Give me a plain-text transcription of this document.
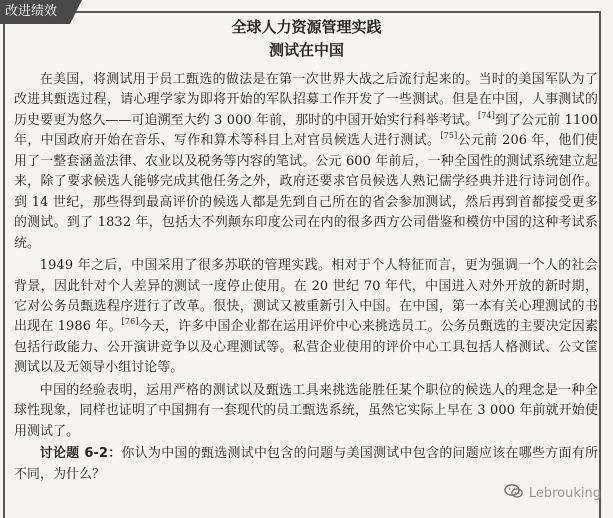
改进绩效
全球人力资源管理实践
测试在中国

在美国，将测试用于员工甄选的做法是在第一次世界大战之后流行起来的。当时的美国军队为了改进其甄选过程，请心理学家为即将开始的军队招募工作开发了一些测试。但是在中国，人事测试的历史要更为悠久——可追溯至大约 3 000 年前，那时的中国开始实行科举考试。[74]到了公元前 1100 年，中国政府开始在音乐、写作和算术等科目上对官员候选人进行测试。[75]公元前 206 年，他们使用了一整套涵盖法律、农业以及税务等内容的笔试。公元 600 年前后，一种全国性的测试系统建立起来，除了要求候选人能够完成其他任务之外，政府还要求官员候选人熟记儒学经典并进行诗词创作。到 14 世纪，那些得到最高评价的候选人都是先到自己所在的省会参加测试，然后再到首都接受更多的测试。到了 1832 年，包括大不列颠东印度公司在内的很多西方公司借鉴和模仿中国的这种考试系统。

1949 年之后，中国采用了很多苏联的管理实践。相对于个人特征而言，更为强调一个人的社会背景，因此针对个人差异的测试一度停止使用。在 20 世纪 70 年代，中国进入对外开放的新时期，它对公务员甄选程序进行了改革。很快，测试又被重新引入中国。在中国，第一本有关心理测试的书出现在 1986 年。[76]今天，许多中国企业都在运用评价中心来挑选员工。公务员甄选的主要决定因素包括行政能力、公开演讲竞争以及心理测试等。私营企业使用的评价中心工具包括人格测试、公文筐测试以及无领导小组讨论等。

中国的经验表明，运用严格的测试以及甄选工具来挑选能胜任某个职位的候选人的理念是一种全球性现象，同样也证明了中国拥有一套现代的员工甄选系统，虽然它实际上早在 3 000 年前就开始使用测试了。

讨论题 6-2：你认为中国的甄选测试中包含的问题与美国测试中包含的问题应该在哪些方面有所不同，为什么？

Lebrouking
